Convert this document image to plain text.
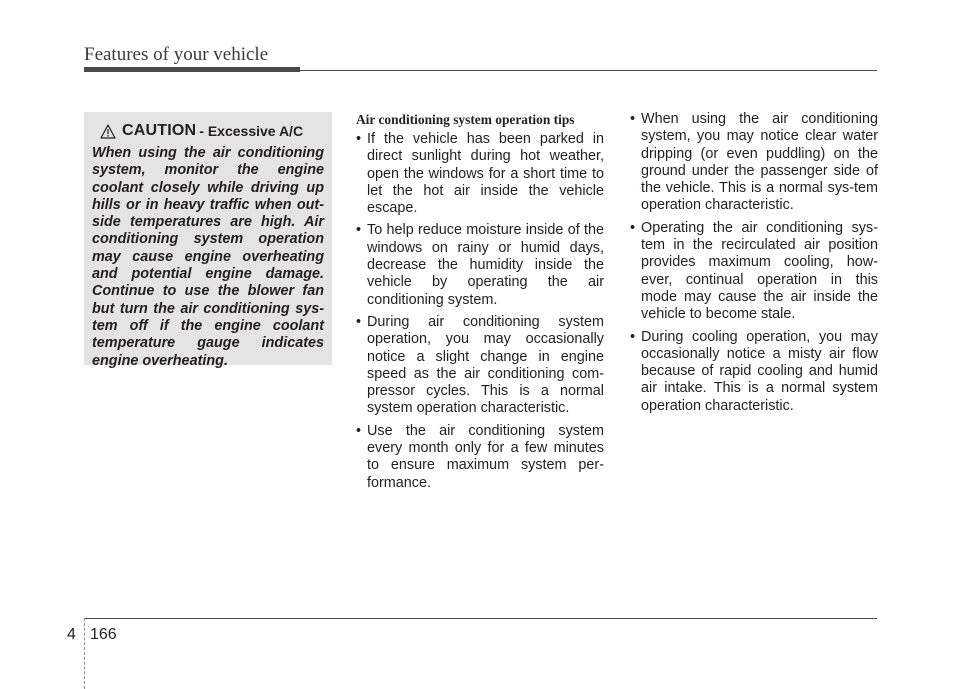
Features of your vehicle
CAUTION - Excessive A/C
When using the air conditioning system, monitor the engine coolant closely while driving up hills or in heavy traffic when out-side temperatures are high. Air conditioning system operation may cause engine overheating and potential engine damage. Continue to use the blower fan but turn the air conditioning sys-tem off if the engine coolant temperature gauge indicates engine overheating.
Air conditioning system operation tips
• If the vehicle has been parked in direct sunlight during hot weather, open the windows for a short time to let the hot air inside the vehicle escape.
• To help reduce moisture inside of the windows on rainy or humid days, decrease the humidity inside the vehicle by operating the air conditioning system.
• During air conditioning system operation, you may occasionally notice a slight change in engine speed as the air conditioning com-pressor cycles. This is a normal system operation characteristic.
• Use the air conditioning system every month only for a few minutes to ensure maximum system per-formance.
• When using the air conditioning system, you may notice clear water dripping (or even puddling) on the ground under the passenger side of the vehicle. This is a normal sys-tem operation characteristic.
• Operating the air conditioning sys-tem in the recirculated air position provides maximum cooling, how-ever, continual operation in this mode may cause the air inside the vehicle to become stale.
• During cooling operation, you may occasionally notice a misty air flow because of rapid cooling and humid air intake. This is a normal system operation characteristic.
4 166
